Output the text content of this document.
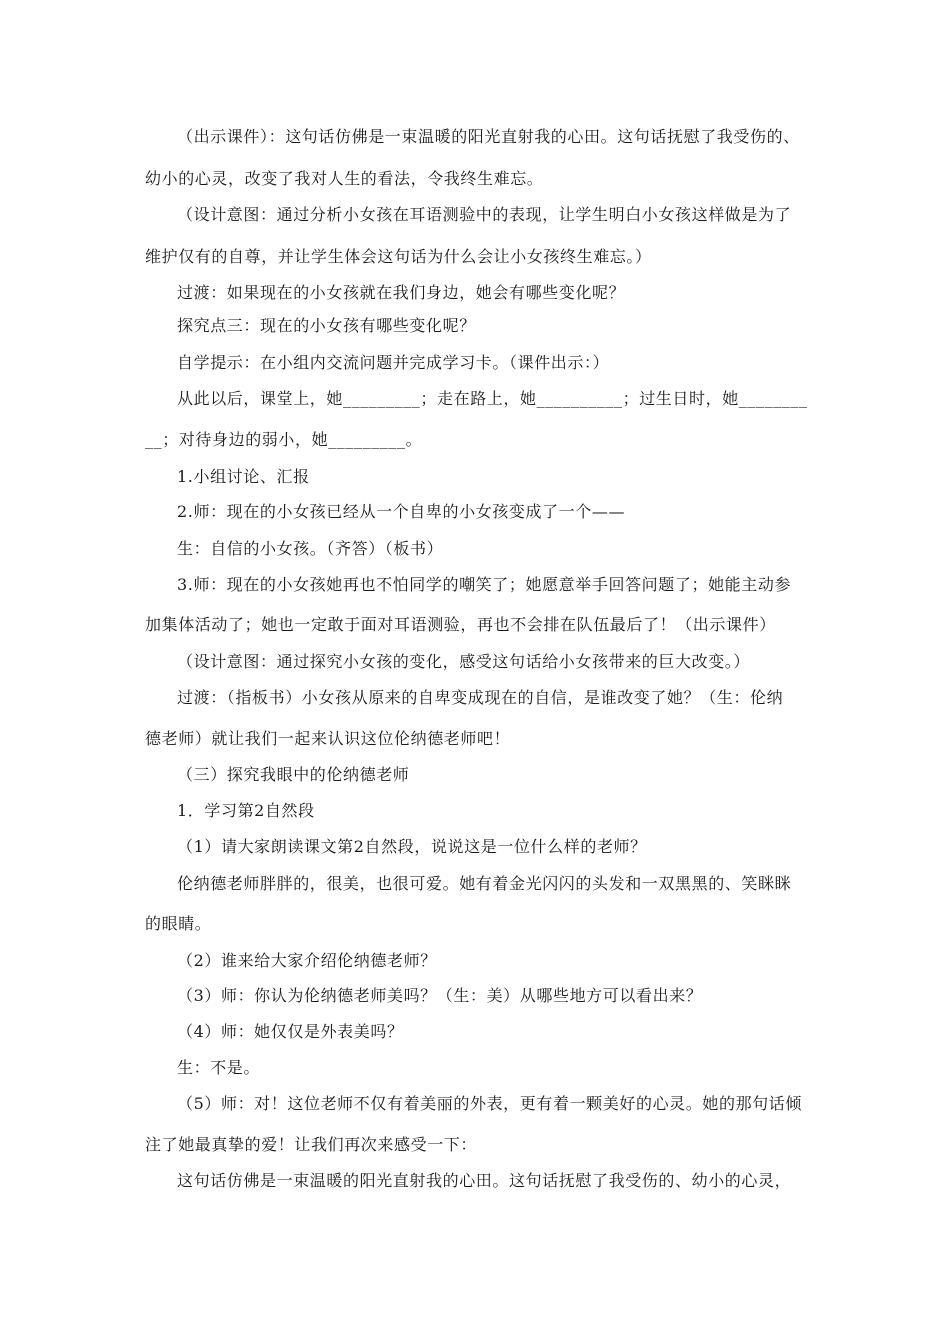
（出示课件）：这句话仿佛是一束温暖的阳光直射我的心田。这句话抚慰了我受伤的、

幼小的心灵，改变了我对人生的看法，令我终生难忘。

（设计意图：通过分析小女孩在耳语测验中的表现，让学生明白小女孩这样做是为了

维护仅有的自尊，并让学生体会这句话为什么会让小女孩终生难忘。）

过渡：如果现在的小女孩就在我们身边，她会有哪些变化呢？

探究点三：现在的小女孩有哪些变化呢？

自学提示：在小组内交流问题并完成学习卡。（课件出示：）

从此以后，课堂上，她_________；走在路上，她__________；过生日时，她________

__；对待身边的弱小，她_________。

1.小组讨论、汇报

2.师：现在的小女孩已经从一个自卑的小女孩变成了一个——

生：自信的小女孩。（齐答）（板书）

3.师：现在的小女孩她再也不怕同学的嘲笑了；她愿意举手回答问题了；她能主动参

加集体活动了；她也一定敢于面对耳语测验，再也不会排在队伍最后了！（出示课件）

（设计意图：通过探究小女孩的变化，感受这句话给小女孩带来的巨大改变。）

过渡：（指板书）小女孩从原来的自卑变成现在的自信，是谁改变了她？（生：伦纳

德老师）就让我们一起来认识这位伦纳德老师吧！

（三）探究我眼中的伦纳德老师

1．学习第2自然段

（1）请大家朗读课文第2自然段，说说这是一位什么样的老师？

伦纳德老师胖胖的，很美，也很可爱。她有着金光闪闪的头发和一双黑黑的、笑眯眯

的眼睛。

（2）谁来给大家介绍伦纳德老师？

（3）师：你认为伦纳德老师美吗？（生：美）从哪些地方可以看出来？

（4）师：她仅仅是外表美吗？

生：不是。

（5）师：对！这位老师不仅有着美丽的外表，更有着一颗美好的心灵。她的那句话倾

注了她最真挚的爱！让我们再次来感受一下：

这句话仿佛是一束温暖的阳光直射我的心田。这句话抚慰了我受伤的、幼小的心灵，
